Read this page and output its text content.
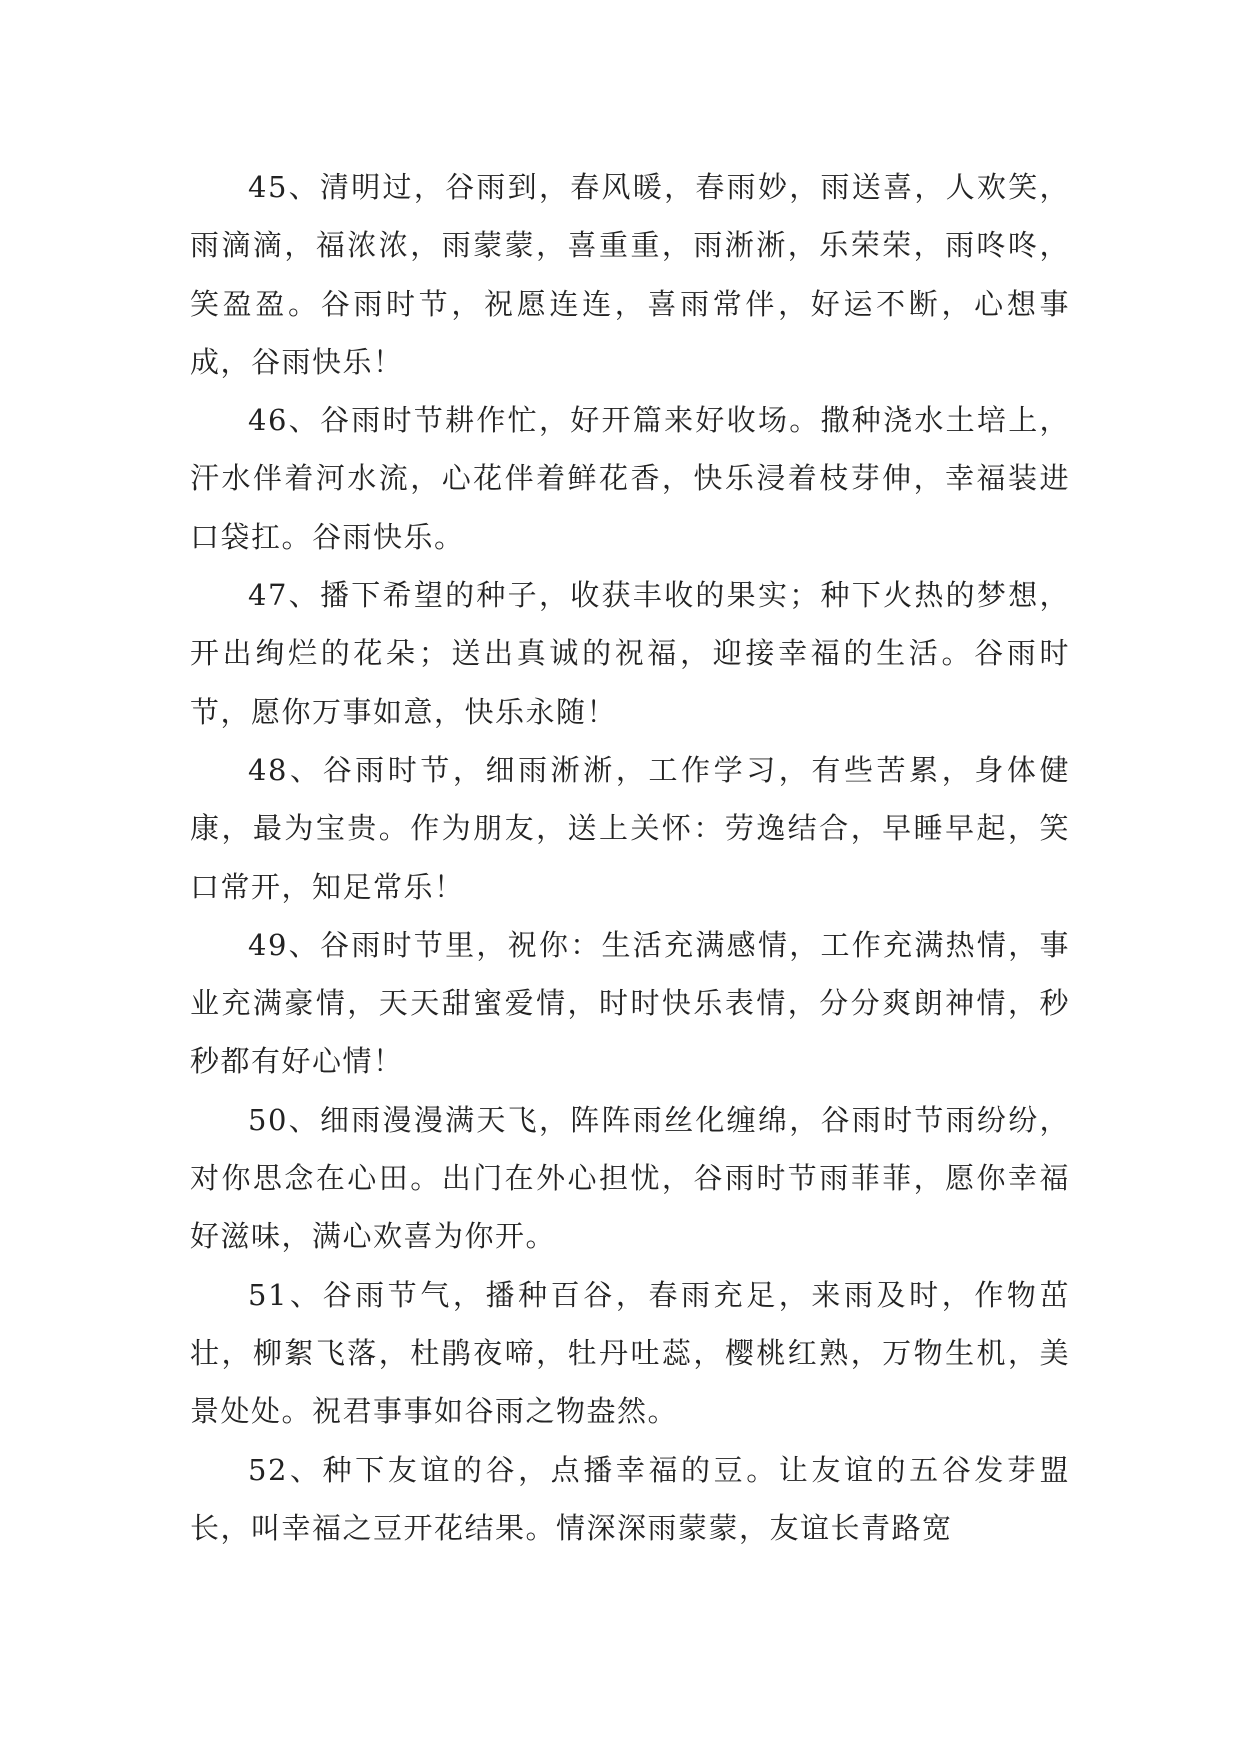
45、清明过，谷雨到，春风暖，春雨妙，雨送喜，人欢笑，雨滴滴，福浓浓，雨蒙蒙，喜重重，雨淅淅，乐荣荣，雨咚咚，笑盈盈。谷雨时节，祝愿连连，喜雨常伴，好运不断，心想事成，谷雨快乐！

46、谷雨时节耕作忙，好开篇来好收场。撒种浇水土培上，汗水伴着河水流，心花伴着鲜花香，快乐浸着枝芽伸，幸福装进口袋扛。谷雨快乐。

47、播下希望的种子，收获丰收的果实；种下火热的梦想，开出绚烂的花朵；送出真诚的祝福，迎接幸福的生活。谷雨时节，愿你万事如意，快乐永随！

48、谷雨时节，细雨淅淅，工作学习，有些苦累，身体健康，最为宝贵。作为朋友，送上关怀：劳逸结合，早睡早起，笑口常开，知足常乐！

49、谷雨时节里，祝你：生活充满感情，工作充满热情，事业充满豪情，天天甜蜜爱情，时时快乐表情，分分爽朗神情，秒秒都有好心情！

50、细雨漫漫满天飞，阵阵雨丝化缠绵，谷雨时节雨纷纷，对你思念在心田。出门在外心担忧，谷雨时节雨菲菲，愿你幸福好滋味，满心欢喜为你开。

51、谷雨节气，播种百谷，春雨充足，来雨及时，作物茁壮，柳絮飞落，杜鹃夜啼，牡丹吐蕊，樱桃红熟，万物生机，美景处处。祝君事事如谷雨之物盎然。

52、种下友谊的谷，点播幸福的豆。让友谊的五谷发芽盟长，叫幸福之豆开花结果。情深深雨蒙蒙，友谊长青路宽
